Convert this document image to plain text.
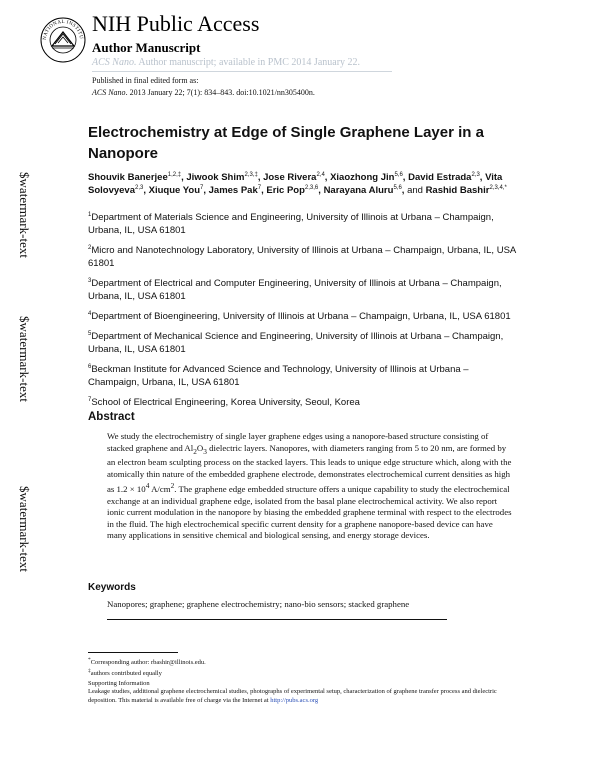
NATIONAL INSTITU
NIH Public Access
Author Manuscript
ACS Nano. Author manuscript; available in PMC 2014 January 22.
Published in final edited form as:
ACS Nano. 2013 January 22; 7(1): 834–843. doi:10.1021/nn305400n.
$watermark-text
$watermark-text
$watermark-text
Electrochemistry at Edge of Single Graphene Layer in a Nanopore
Shouvik Banerjee$^{1,2,\ddagger}$, Jiwook Shim$^{2,3,\ddagger}$, Jose Rivera$^{2,4}$, Xiaozhong Jin$^{5,6}$, David Estrada$^{2,3}$, Vita Solovyeva$^{2,3}$, Xiuque You$^7$, James Pak$^7$, Eric Pop$^{2,3,6}$, Narayana Aluru$^{5,6}$, and Rashid Bashir$^{2,3,4,*}$
$^1$Department of Materials Science and Engineering, University of Illinois at Urbana – Champaign, Urbana, IL, USA 61801
$^2$Micro and Nanotechnology Laboratory, University of Illinois at Urbana – Champaign, Urbana, IL, USA 61801
$^3$Department of Electrical and Computer Engineering, University of Illinois at Urbana – Champaign, Urbana, IL, USA 61801
$^4$Department of Bioengineering, University of Illinois at Urbana – Champaign, Urbana, IL, USA 61801
$^5$Department of Mechanical Science and Engineering, University of Illinois at Urbana – Champaign, Urbana, IL, USA 61801
$^6$Beckman Institute for Advanced Science and Technology, University of Illinois at Urbana – Champaign, Urbana, IL, USA 61801
$^7$School of Electrical Engineering, Korea University, Seoul, Korea
Abstract
We study the electrochemistry of single layer graphene edges using a nanopore-based structure consisting of stacked graphene and $Al_2O_3$ dielectric layers. Nanopores, with diameters ranging from 5 to 20 nm, are formed by an electron beam sculpting process on the stacked layers. This leads to unique edge structure which, along with the atomically thin nature of the embedded graphene electrode, demonstrates electrochemical current densities as high as $1.2 \times 10^4$ $A/cm^2$. The graphene edge embedded structure offers a unique capability to study the electrochemical exchange at an individual graphene edge, isolated from the basal plane electrochemical activity. We also report ionic current modulation in the nanopore by biasing the embedded graphene terminal with respect to the electrodes in the fluid. The high electrochemical specific current density for a graphene nanopore-based device can have many applications in sensitive chemical and biological sensing, and energy storage devices.
Keywords
Nanopores; graphene; graphene electrochemistry; nano-bio sensors; stacked graphene
*Corresponding author: rbashir@illinois.edu.
‡authors contributed equally
Supporting Information
Leakage studies, additional graphene electrochemical studies, photographs of experimental setup, characterization of graphene transfer process and dielectric deposition. This material is available free of charge via the Internet at http://pubs.acs.org
